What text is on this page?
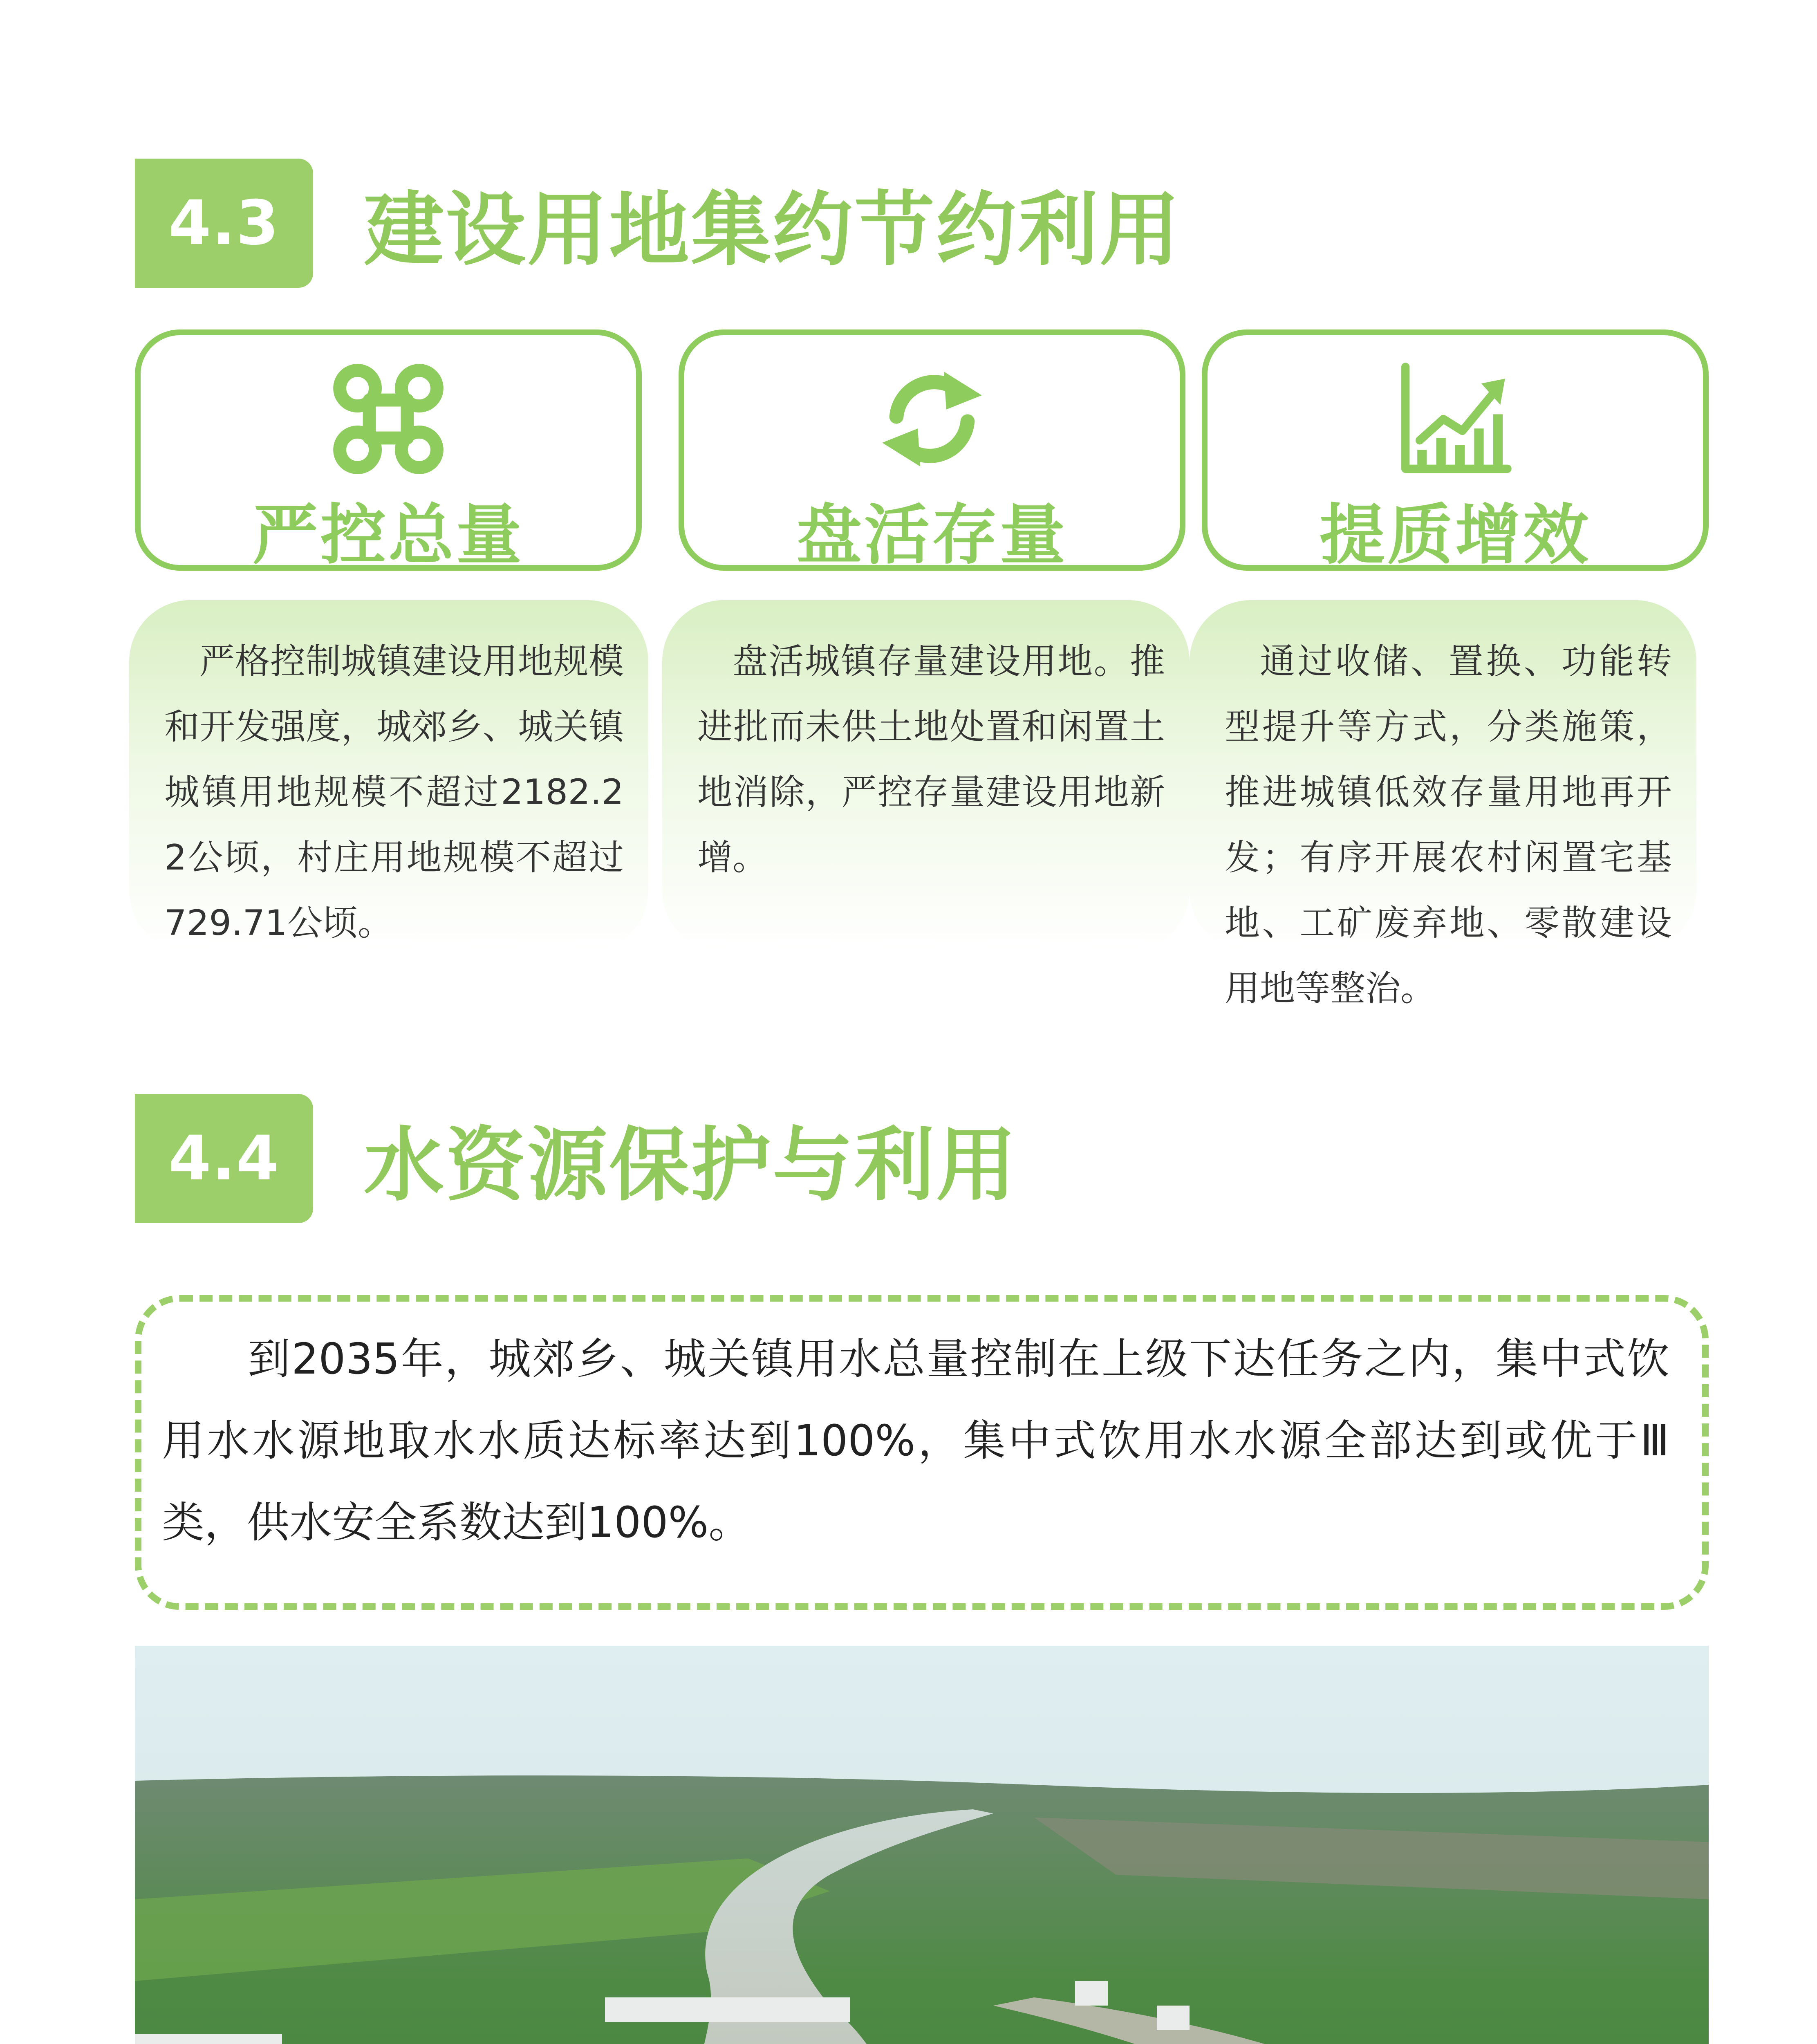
4.3	建设用地集约节约利用
严控总量

严格控制城镇建设用地规模和开发强度，城郊乡、城关镇城镇用地规模不超过2182.22公顷，村庄用地规模不超过729.71公顷。

盘活存量

盘活城镇存量建设用地。推进批而未供土地处置和闲置土地消除，严控存量建设用地新增。

提质增效

通过收储、置换、功能转型提升等方式，分类施策，推进城镇低效存量用地再开发；有序开展农村闲置宅基地、工矿废弃地、零散建设用地等整治。

4.4	水资源保护与利用

到2035年，城郊乡、城关镇用水总量控制在上级下达任务之内，集中式饮用水水源地取水水质达标率达到100%，集中式饮用水水源全部达到或优于Ⅲ类，供水安全系数达到100%。
